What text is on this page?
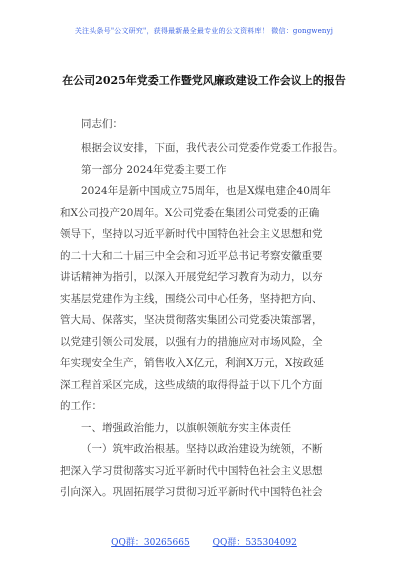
关注头条号"公文研究"，获得最新最全最专业的公文资料库！ 微信：gongwenyj
在公司2025年党委工作暨党风廉政建设工作会议上的报告
同志们：
根据会议安排，下面，我代表公司党委作党委工作报告。
第一部分 2024年党委主要工作
2024年是新中国成立75周年，也是X煤电建企40周年
和X公司投产20周年。X公司党委在集团公司党委的正确
领导下，坚持以习近平新时代中国特色社会主义思想和党
的二十大和二十届三中全会和习近平总书记考察安徽重要
讲话精神为指引，以深入开展党纪学习教育为动力，以夯
实基层党建作为主线，围绕公司中心任务，坚持把方向、
管大局、保落实，坚决贯彻落实集团公司党委决策部署，
以党建引领公司发展，以强有力的措施应对市场风险，全
年实现安全生产，销售收入X亿元，利润X万元，X按政延
深工程首采区完成，这些成绩的取得得益于以下几个方面
的工作：
一、增强政治能力，以旗帜领航夯实主体责任
（一）筑牢政治根基。坚持以政治建设为统领，不断
把深入学习贯彻落实习近平新时代中国特色社会主义思想
引向深入。巩固拓展学习贯彻习近平新时代中国特色社会
QQ群：30265665	QQ群：535304092
